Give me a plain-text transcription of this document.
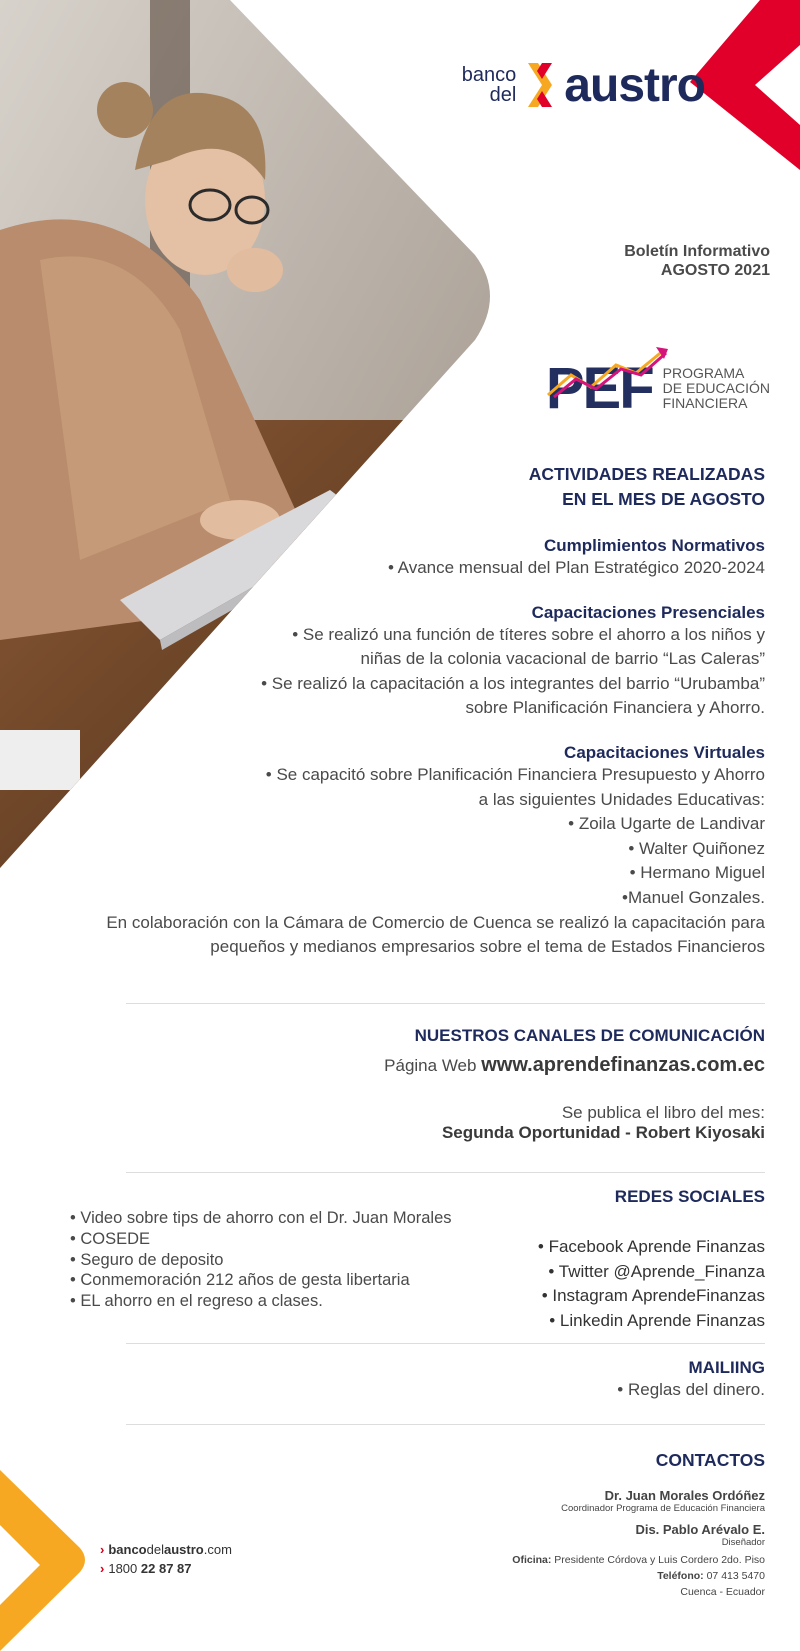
banco
del austro
Boletín Informativo
AGOSTO 2021
PEF PROGRAMA
DE EDUCACIÓN
FINANCIERA
ACTIVIDADES REALIZADAS
EN EL MES DE AGOSTO
Cumplimientos Normativos
• Avance mensual del Plan Estratégico 2020-2024
Capacitaciones Presenciales
• Se realizó una función de títeres sobre el ahorro a los niños y
niñas de la colonia vacacional de barrio “Las Caleras”
• Se realizó la capacitación a los integrantes del barrio “Urubamba”
sobre Planificación Financiera y Ahorro.
Capacitaciones Virtuales
• Se capacitó sobre Planificación Financiera Presupuesto y Ahorro
a las siguientes Unidades Educativas:
• Zoila Ugarte de Landivar
• Walter Quiñonez
• Hermano Miguel
•Manuel Gonzales.
En colaboración con la Cámara de Comercio de Cuenca se realizó la capacitación para
pequeños y medianos empresarios sobre el tema de Estados Financieros
NUESTROS CANALES DE COMUNICACIÓN
Página Web www.aprendefinanzas.com.ec
Se publica el libro del mes:
Segunda Oportunidad - Robert Kiyosaki
REDES SOCIALES
• Video sobre tips de ahorro con el Dr. Juan Morales
• COSEDE
• Seguro de deposito
• Conmemoración 212 años de gesta libertaria
• EL ahorro en el regreso a clases.
• Facebook Aprende Finanzas
• Twitter @Aprende_Finanza
• Instagram AprendeFinanzas
• Linkedin Aprende Finanzas
MAILIING
• Reglas del dinero.
CONTACTOS
Dr. Juan Morales Ordóñez
Coordinador Programa de Educación Financiera
Dis. Pablo Arévalo E.
Diseñador
Oficina: Presidente Córdova y Luis Cordero 2do. Piso
Teléfono: 07 413 5470
Cuenca - Ecuador
› bancodelaustro.com
› 1800 22 87 87
